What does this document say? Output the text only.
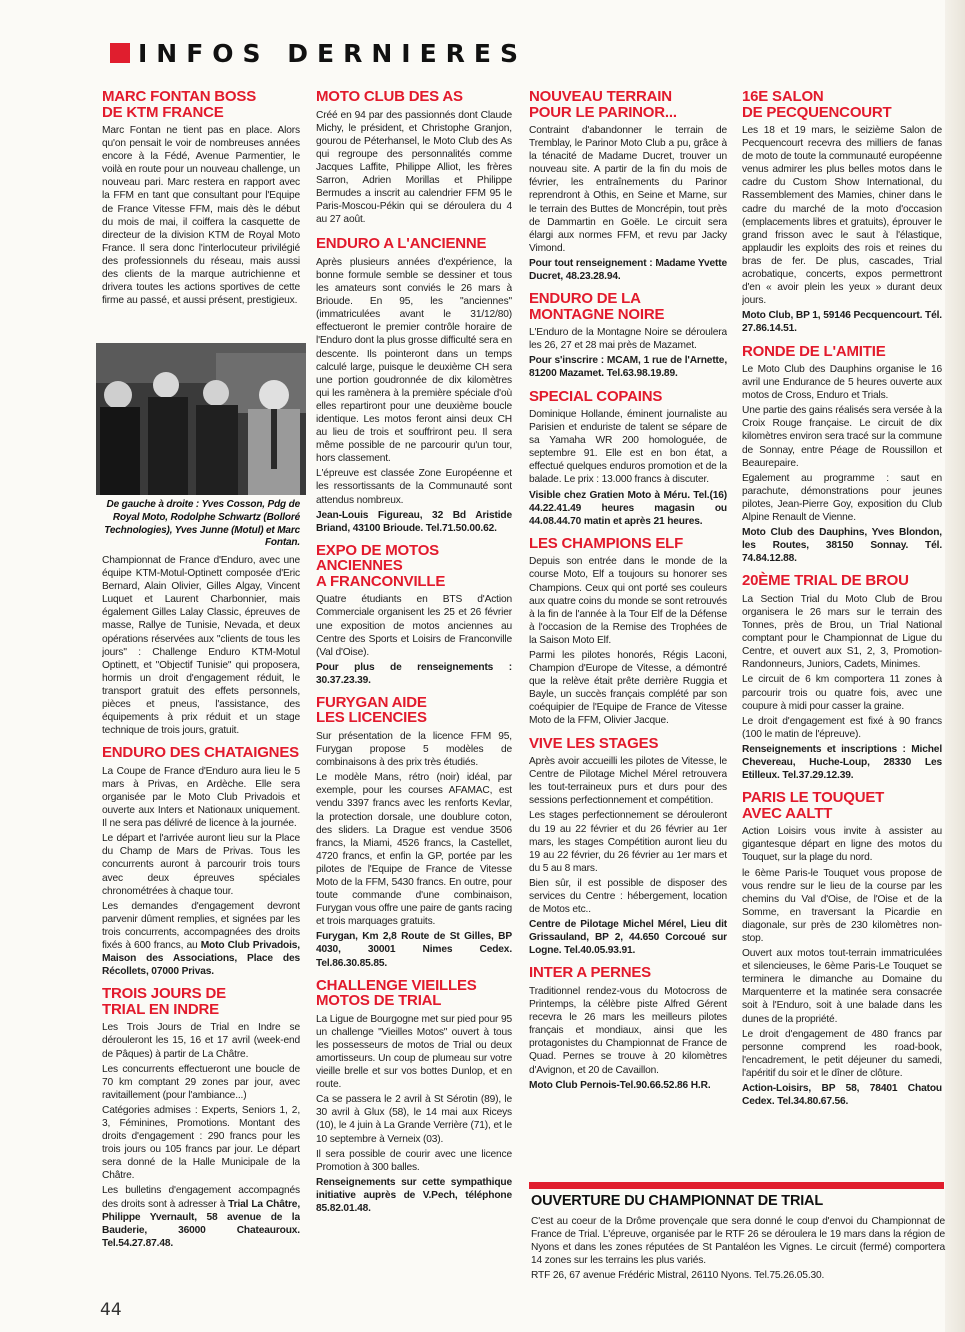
INFOS DERNIERES
MARC FONTAN BOSS
DE KTM FRANCE

Marc Fontan ne tient pas en place. Alors qu'on pensait le voir de nombreuses années encore à la Fédé, Avenue Parmentier, le voilà en route pour un nouveau challenge, un nouveau pari. Marc restera en rapport avec la FFM en tant que consultant pour l'Equipe de France Vitesse FFM, mais dès le début du mois de mai, il coiffera la casquette de directeur de la division KTM de Royal Moto France. Il sera donc l'interlocuteur privilégié des professionnels du réseau, mais aussi des clients de la marque autrichienne et drivera toutes les actions sportives de cette firme au passé, et aussi présent, prestigieux.

De gauche à droite : Yves Cosson, Pdg de Royal Moto, Rodolphe Schwartz (Bolloré Technologies), Yves Junne (Motul) et Marc Fontan.

Championnat de France d'Enduro, avec une équipe KTM-Motul-Optinett composée d'Eric Bernard, Alain Olivier, Gilles Algay, Vincent Luquet et Laurent Charbonnier, mais également Gilles Lalay Classic, épreuves de masse, Rallye de Tunisie, Nevada, et deux opérations réservées aux "clients de tous les jours" : Challenge Enduro KTM-Motul Optinett, et "Objectif Tunisie" qui proposera, hormis un droit d'engagement réduit, le transport gratuit des effets personnels, pièces et pneus, l'assistance, des équipements à prix réduit et un stage technique de trois jours, gratuit.

ENDURO DES CHATAIGNES

La Coupe de France d'Enduro aura lieu le 5 mars à Privas, en Ardèche. Elle sera organisée par le Moto Club Privadois et ouverte aux Inters et Nationaux uniquement. Il ne sera pas délivré de licence à la journée.

Le départ et l'arrivée auront lieu sur la Place du Champ de Mars de Privas. Tous les concurrents auront à parcourir trois tours avec deux épreuves spéciales chronométrées à chaque tour.

Les demandes d'engagement devront parvenir dûment remplies, et signées par les trois concurrents, accompagnées des droits fixés à 600 francs, au Moto Club Privadois, Maison des Associations, Place des Récollets, 07000 Privas.

TROIS JOURS DE
TRIAL EN INDRE

Les Trois Jours de Trial en Indre se dérouleront les 15, 16 et 17 avril (week-end de Pâques) à partir de La Châtre.

Les concurrents effectueront une boucle de 70 km comptant 29 zones par jour, avec ravitaillement (pour l'ambiance...)

Catégories admises : Experts, Seniors 1, 2, 3, Féminines, Promotions. Montant des droits d'engagement : 290 francs pour les trois jours ou 105 francs par jour. Le départ sera donné de la Halle Municipale de la Châtre.

Les bulletins d'engagement accompagnés des droits sont à adresser à Trial La Châtre, Philippe Yvernault, 58 avenue de la Bauderie, 36000 Chateauroux. Tel.54.27.87.48.

MOTO CLUB DES AS

Créé en 94 par des passionnés dont Claude Michy, le président, et Christophe Granjon, gourou de Péterhansel, le Moto Club des As qui regroupe des personnalités comme Jacques Laffite, Philippe Alliot, les frères Sarron, Adrien Morillas et Philippe Bermudes a inscrit au calendrier FFM 95 le Paris-Moscou-Pékin qui se déroulera du 4 au 27 août.

ENDURO A L'ANCIENNE

Après plusieurs années d'expérience, la bonne formule semble se dessiner et tous les amateurs sont conviés le 26 mars à Brioude. En 95, les "anciennes" (immatriculées avant le 31/12/80) effectueront le premier contrôle horaire de l'Enduro dont la plus grosse difficulté sera en descente. Ils pointeront dans un temps calculé large, puisque le deuxième CH sera une portion goudronnée de dix kilomètres qui les ramènera à la première spéciale d'où elles repartiront pour une deuxième boucle identique. Les motos feront ainsi deux CH au lieu de trois et souffriront peu. Il sera même possible de ne parcourir qu'un tour, hors classement.

L'épreuve est classée Zone Européenne et les ressortissants de la Communauté sont attendus nombreux.

Jean-Louis Figureau, 32 Bd Aristide Briand, 43100 Brioude. Tel.71.50.00.62.

EXPO DE MOTOS
ANCIENNES
A FRANCONVILLE

Quatre étudiants en BTS d'Action Commerciale organisent les 25 et 26 février une exposition de motos anciennes au Centre des Sports et Loisirs de Franconville (Val d'Oise).

Pour plus de renseignements : 30.37.23.39.

FURYGAN AIDE
LES LICENCIES

Sur présentation de la licence FFM 95, Furygan propose 5 modèles de combinaisons à des prix très étudiés.

Le modèle Mans, rétro (noir) idéal, par exemple, pour les courses AFAMAC, est vendu 3397 francs avec les renforts Kevlar, la protection dorsale, une doublure coton, des sliders. La Drague est vendue 3506 francs, la Miami, 4526 francs, la Castellet, 4720 francs, et enfin la GP, portée par les pilotes de l'Equipe de France de Vitesse Moto de la FFM, 5430 francs. En outre, pour toute commande d'une combinaison, Furygan vous offre une paire de gants racing et trois marquages gratuits.

Furygan, Km 2,8 Route de St Gilles, BP 4030, 30001 Nimes Cedex. Tel.86.30.85.85.

CHALLENGE VIEILLES
MOTOS DE TRIAL

La Ligue de Bourgogne met sur pied pour 95 un challenge "Vieilles Motos" ouvert à tous les possesseurs de motos de Trial ou deux amortisseurs. Un coup de plumeau sur votre vieille brelle et sur vos bottes Dunlop, et en route.

Ca se passera le 2 avril à St Sérotin (89), le 30 avril à Glux (58), le 14 mai aux Riceys (10), le 4 juin à La Grande Verrière (71), et le 10 septembre à Verneix (03).

Il sera possible de courir avec une licence Promotion à 300 balles.

Renseignements sur cette sympathique initiative auprès de V.Pech, téléphone 85.82.01.48.

NOUVEAU TERRAIN
POUR LE PARINOR...

Contraint d'abandonner le terrain de Tremblay, le Parinor Moto Club a pu, grâce à la ténacité de Madame Ducret, trouver un nouveau site. A partir de la fin du mois de février, les entraînements du Parinor reprendront à Othis, en Seine et Marne, sur le terrain des Buttes de Moncrépin, tout près de Dammartin en Goële. Le circuit sera élargi aux normes FFM, et revu par Jacky Vimond.

Pour tout renseignement : Madame Yvette Ducret, 48.23.28.94.

ENDURO DE LA
MONTAGNE NOIRE

L'Enduro de la Montagne Noire se déroulera les 26, 27 et 28 mai près de Mazamet.

Pour s'inscrire : MCAM, 1 rue de l'Arnette, 81200 Mazamet. Tel.63.98.19.89.

SPECIAL COPAINS

Dominique Hollande, éminent journaliste au Parisien et enduriste de talent se sépare de sa Yamaha WR 200 homologuée, de septembre 91. Elle est en bon état, a effectué quelques enduros promotion et de la balade. Le prix : 13.000 francs à discuter.

Visible chez Gratien Moto à Méru. Tel.(16) 44.22.41.49 heures magasin ou 44.08.44.70 matin et après 21 heures.

LES CHAMPIONS ELF

Depuis son entrée dans le monde de la course Moto, Elf a toujours su honorer ses Champions. Ceux qui ont porté ses couleurs aux quatre coins du monde se sont retrouvés à la fin de l'année à la Tour Elf de la Défense à l'occasion de la Remise des Trophées de la Saison Moto Elf.

Parmi les pilotes honorés, Régis Laconi, Champion d'Europe de Vitesse, a démontré que la relève était prête derrière Ruggia et Bayle, un succès français complété par son coéquipier de l'Equipe de France de Vitesse Moto de la FFM, Olivier Jacque.

VIVE LES STAGES

Après avoir accueilli les pilotes de Vitesse, le Centre de Pilotage Michel Mérel retrouvera les tout-terraineux purs et durs pour des sessions perfectionnement et compétition.

Les stages perfectionnement se dérouleront du 19 au 22 février et du 26 février au 1er mars, les stages Compétition auront lieu du 19 au 22 février, du 26 février au 1er mars et du 5 au 8 mars.

Bien sûr, il est possible de disposer des services du Centre : hébergement, location de Motos etc..

Centre de Pilotage Michel Mérel, Lieu dit Grissauland, BP 2, 44.650 Corcoué sur Logne. Tel.40.05.93.91.

INTER A PERNES

Traditionnel rendez-vous du Motocross de Printemps, la célèbre piste Alfred Gérent recevra le 26 mars les meilleurs pilotes français et mondiaux, ainsi que les protagonistes du Championnat de France de Quad. Pernes se trouve à 20 kilomètres d'Avignon, et 20 de Cavaillon.

Moto Club Pernois-Tel.90.66.52.86 H.R.

16E SALON
DE PECQUENCOURT

Les 18 et 19 mars, le seizième Salon de Pecquencourt recevra des milliers de fanas de moto de toute la communauté européenne venus admirer les plus belles motos dans le cadre du Custom Show International, du Rassemblement des Mamies, chiner dans le cadre du marché de la moto d'occasion (emplacements libres et gratuits), éprouver le grand frisson avec le saut à l'élastique, applaudir les exploits des rois et reines du bras de fer. De plus, cascades, Trial acrobatique, concerts, expos permettront d'en « avoir plein les yeux » durant deux jours.

Moto Club, BP 1, 59146 Pecquencourt. Tél. 27.86.14.51.

RONDE DE L'AMITIE

Le Moto Club des Dauphins organise le 16 avril une Endurance de 5 heures ouverte aux motos de Cross, Enduro et Trials.

Une partie des gains réalisés sera versée à la Croix Rouge française. Le circuit de dix kilomètres environ sera tracé sur la commune de Sonnay, entre Péage de Roussillon et Beaurepaire.

Egalement au programme : saut en parachute, démonstrations pour jeunes pilotes, Jean-Pierre Goy, exposition du Club Alpine Renault de Vienne.

Moto Club des Dauphins, Yves Blondon, les Routes, 38150 Sonnay. Tél. 74.84.12.88.

20ÈME TRIAL DE BROU

La Section Trial du Moto Club de Brou organisera le 26 mars sur le terrain des Tonnes, près de Brou, un Trial National comptant pour le Championnat de Ligue du Centre, et ouvert aux S1, 2, 3, Promotion-Randonneurs, Juniors, Cadets, Minimes.

Le circuit de 6 km comportera 11 zones à parcourir trois ou quatre fois, avec une coupure à midi pour casser la graine.

Le droit d'engagement est fixé à 90 francs (100 le matin de l'épreuve).

Renseignements et inscriptions : Michel Chevereau, Huche-Loup, 28330 Les Etilleux. Tel.37.29.12.39.

PARIS LE TOUQUET
AVEC AALTT

Action Loisirs vous invite à assister au gigantesque départ en ligne des motos du Touquet, sur la plage du nord.

le 6ème Paris-le Touquet vous propose de vous rendre sur le lieu de la course par les chemins du Val d'Oise, de l'Oise et de la Somme, en traversant la Picardie en diagonale, sur près de 230 kilomètres non-stop.

Ouvert aux motos tout-terrain immatriculées et silencieuses, le 6ème Paris-Le Touquet se terminera le dimanche au Domaine du Marquenterre et la matinée sera consacrée soit à l'Enduro, soit à une balade dans les dunes de la propriété.

Le droit d'engagement de 480 francs par personne comprend les road-book, l'encadrement, le petit déjeuner du samedi, l'apéritif du soir et le dîner de clôture.

Action-Loisirs, BP 58, 78401 Chatou Cedex. Tel.34.80.67.56.

OUVERTURE DU CHAMPIONNAT DE TRIAL

C'est au coeur de la Drôme provençale que sera donné le coup d'envoi du Championnat de France de Trial. L'épreuve, organisée par le RTF 26 se déroulera le 19 mars dans la région de Nyons et dans les zones réputées de St Pantaléon les Vignes. Le circuit (fermé) comportera 14 zones sur les terrains les plus variés.

RTF 26, 67 avenue Frédéric Mistral, 26110 Nyons. Tel.75.26.05.30.

44
